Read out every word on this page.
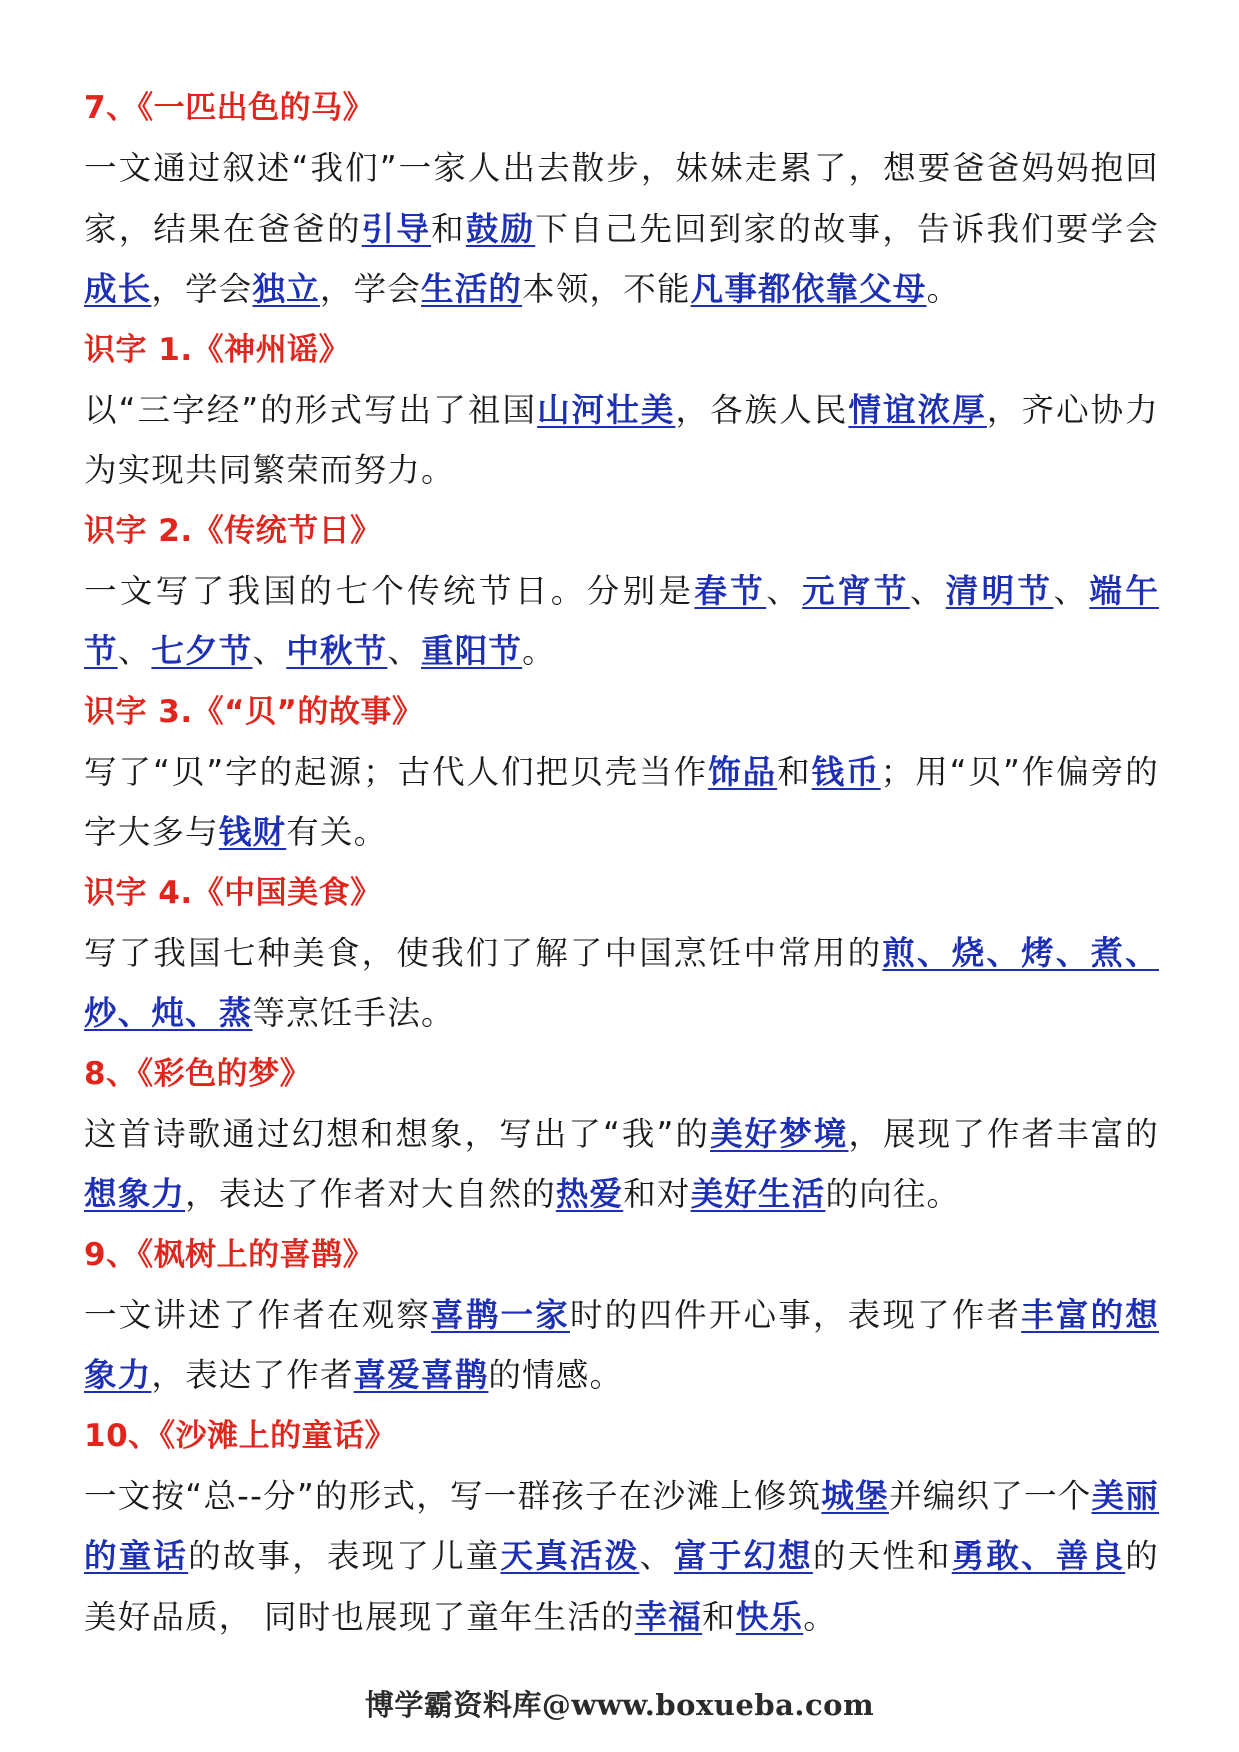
7、《一匹出色的马》
一文通过叙述“我们”一家人出去散步，妹妹走累了，想要爸爸妈妈抱回家，结果在爸爸的引导和鼓励下自己先回到家的故事，告诉我们要学会成长，学会独立，学会生活的本领，不能凡事都依靠父母。
识字 1.《神州谣》
以“三字经”的形式写出了祖国山河壮美，各族人民情谊浓厚，齐心协力为实现共同繁荣而努力。
识字 2.《传统节日》
一文写了我国的七个传统节日。分别是春节、元宵节、清明节、端午节、七夕节、中秋节、重阳节。
识字 3.《“贝”的故事》
写了“贝”字的起源；古代人们把贝壳当作饰品和钱币；用“贝”作偏旁的字大多与钱财有关。
识字 4.《中国美食》
写了我国七种美食，使我们了解了中国烹饪中常用的煎、烧、烤、煮、炒、炖、蒸等烹饪手法。
8、《彩色的梦》
这首诗歌通过幻想和想象，写出了“我”的美好梦境，展现了作者丰富的想象力，表达了作者对大自然的热爱和对美好生活的向往。
9、《枫树上的喜鹊》
一文讲述了作者在观察喜鹊一家时的四件开心事，表现了作者丰富的想象力，表达了作者喜爱喜鹊的情感。
10、《沙滩上的童话》
一文按“总--分”的形式，写一群孩子在沙滩上修筑城堡并编织了一个美丽的童话的故事，表现了儿童天真活泼、富于幻想的天性和勇敢、善良的美好品质， 同时也展现了童年生活的幸福和快乐。
博学霸资料库@www.boxueba.com
